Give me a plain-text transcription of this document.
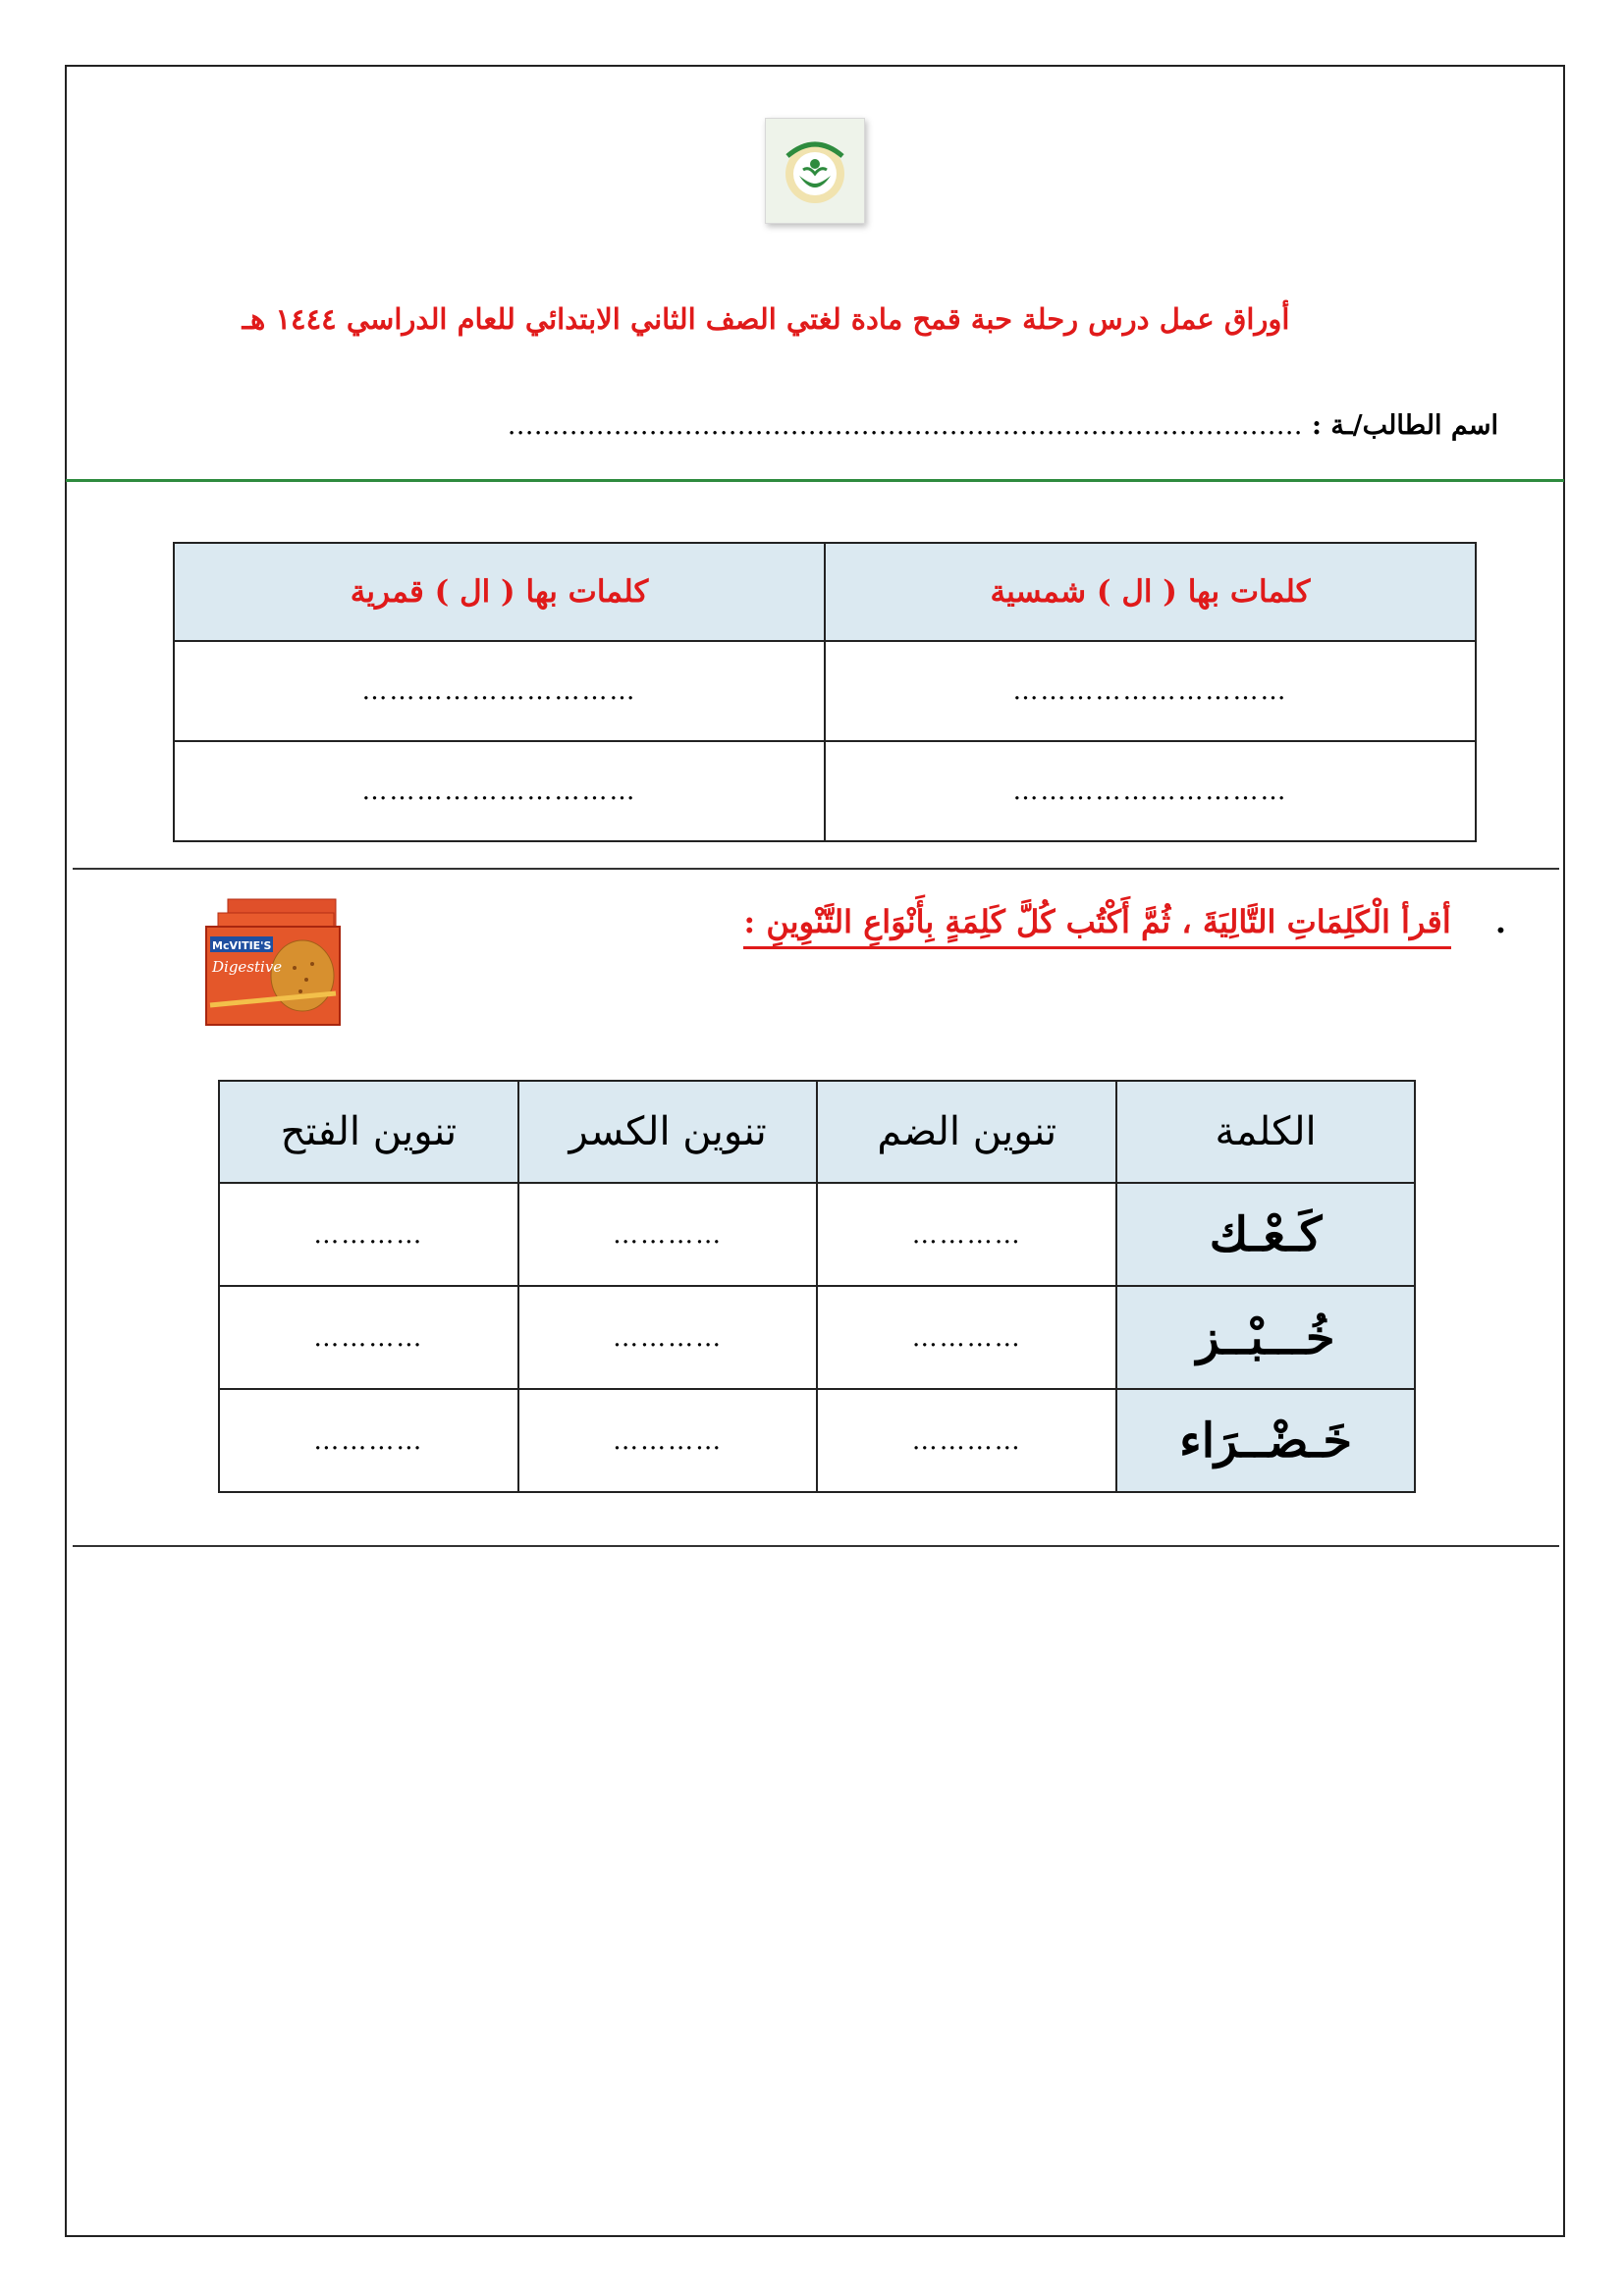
أوراق عمل درس رحلة حبة قمح مادة لغتي الصف الثاني الابتدائي للعام الدراسي ١٤٤٤ هـ
اسم الطالب/ـة : ………………………………………………………………………………
كلمات بها ( ال ) شمسية	كلمات بها ( ال ) قمرية
…………………………	…………………………
…………………………	…………………………
. أقرأ الْكَلِمَاتِ التَّالِيَةَ ، ثُمَّ أَكْتُب كُلَّ كَلِمَةٍ بِأَنْوَاعِ التَّنْوِينِ :
McVITIE'S
Digestive
الكلمة	تنوين الضم	تنوين الكسر	تنوين الفتح
كَـعْـك	…………	…………	…………
خُـــبْــز	…………	…………	…………
خَـضْــرَاء	…………	…………	…………
